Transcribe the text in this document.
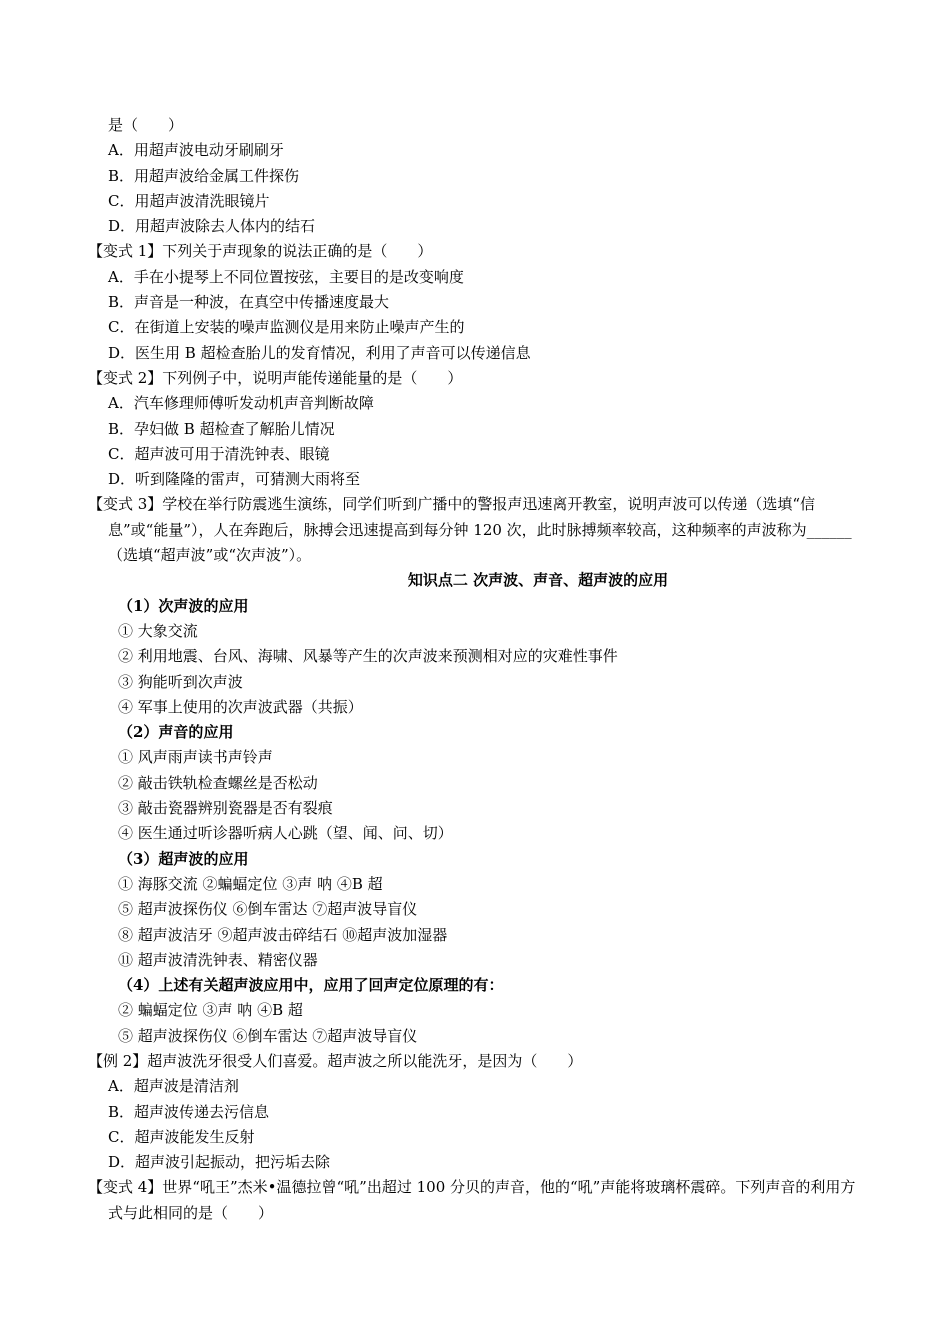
是（　　）
A．用超声波电动牙刷刷牙
B．用超声波给金属工件探伤
C．用超声波清洗眼镜片
D．用超声波除去人体内的结石
【变式 1】下列关于声现象的说法正确的是（　　）
A．手在小提琴上不同位置按弦，主要目的是改变响度
B．声音是一种波，在真空中传播速度最大
C．在街道上安装的噪声监测仪是用来防止噪声产生的
D．医生用 B 超检查胎儿的发育情况，利用了声音可以传递信息
【变式 2】下列例子中，说明声能传递能量的是（　　）
A．汽车修理师傅听发动机声音判断故障
B．孕妇做 B 超检查了解胎儿情况
C．超声波可用于清洗钟表、眼镜
D．听到隆隆的雷声，可猜测大雨将至
【变式 3】学校在举行防震逃生演练，同学们听到广播中的警报声迅速离开教室，说明声波可以传递（选填“信息”或“能量”），人在奔跑后，脉搏会迅速提高到每分钟 120 次，此时脉搏频率较高，这种频率的声波称为______（选填“超声波”或“次声波”）。
知识点二 次声波、声音、超声波的应用
（1）次声波的应用
① 大象交流
② 利用地震、台风、海啸、风暴等产生的次声波来预测相对应的灾难性事件
③ 狗能听到次声波
④ 军事上使用的次声波武器（共振）
（2）声音的应用
① 风声雨声读书声铃声
② 敲击铁轨检查螺丝是否松动
③ 敲击瓷器辨别瓷器是否有裂痕
④ 医生通过听诊器听病人心跳（望、闻、问、切）
（3）超声波的应用
① 海豚交流 ②蝙蝠定位 ③声 呐 ④B 超
⑤ 超声波探伤仪 ⑥倒车雷达 ⑦超声波导盲仪
⑧ 超声波洁牙 ⑨超声波击碎结石 ⑩超声波加湿器
⑪ 超声波清洗钟表、精密仪器
（4）上述有关超声波应用中，应用了回声定位原理的有：
② 蝙蝠定位 ③声 呐 ④B 超
⑤ 超声波探伤仪 ⑥倒车雷达 ⑦超声波导盲仪
【例 2】超声波洗牙很受人们喜爱。超声波之所以能洗牙，是因为（　　）
A．超声波是清洁剂
B．超声波传递去污信息
C．超声波能发生反射
D．超声波引起振动，把污垢去除
【变式 4】世界“吼王”杰米•温德拉曾“吼”出超过 100 分贝的声音，他的“吼”声能将玻璃杯震碎。下列声音的利用方式与此相同的是（　　）
